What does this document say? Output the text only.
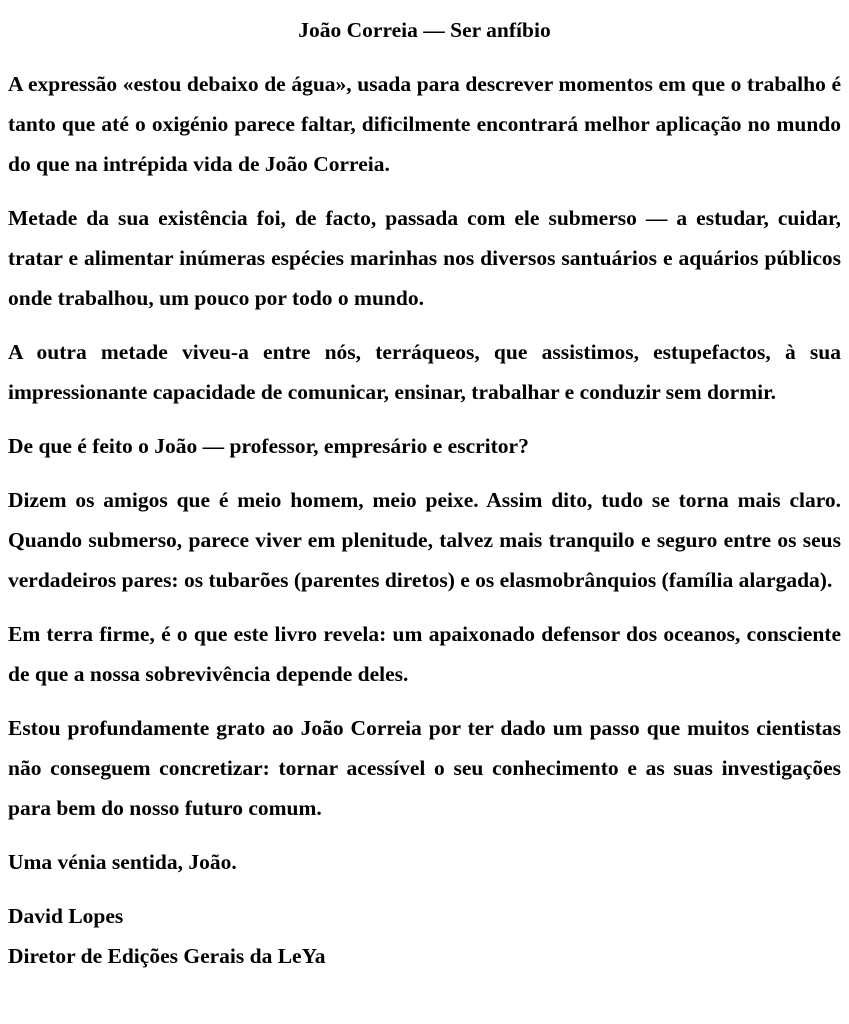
João Correia — Ser anfíbio

A expressão «estou debaixo de água», usada para descrever momentos em que o trabalho é tanto que até o oxigénio parece faltar, dificilmente encontrará melhor aplicação no mundo do que na intrépida vida de João Correia.

Metade da sua existência foi, de facto, passada com ele submerso — a estudar, cuidar, tratar e alimentar inúmeras espécies marinhas nos diversos santuários e aquários públicos onde trabalhou, um pouco por todo o mundo.

A outra metade viveu-a entre nós, terráqueos, que assistimos, estupefactos, à sua impressionante capacidade de comunicar, ensinar, trabalhar e conduzir sem dormir.

De que é feito o João — professor, empresário e escritor?

Dizem os amigos que é meio homem, meio peixe. Assim dito, tudo se torna mais claro. Quando submerso, parece viver em plenitude, talvez mais tranquilo e seguro entre os seus verdadeiros pares: os tubarões (parentes diretos) e os elasmobrânquios (família alargada).

Em terra firme, é o que este livro revela: um apaixonado defensor dos oceanos, consciente de que a nossa sobrevivência depende deles.

Estou profundamente grato ao João Correia por ter dado um passo que muitos cientistas não conseguem concretizar: tornar acessível o seu conhecimento e as suas investigações para bem do nosso futuro comum.

Uma vénia sentida, João.

David Lopes

Diretor de Edições Gerais da LeYa
